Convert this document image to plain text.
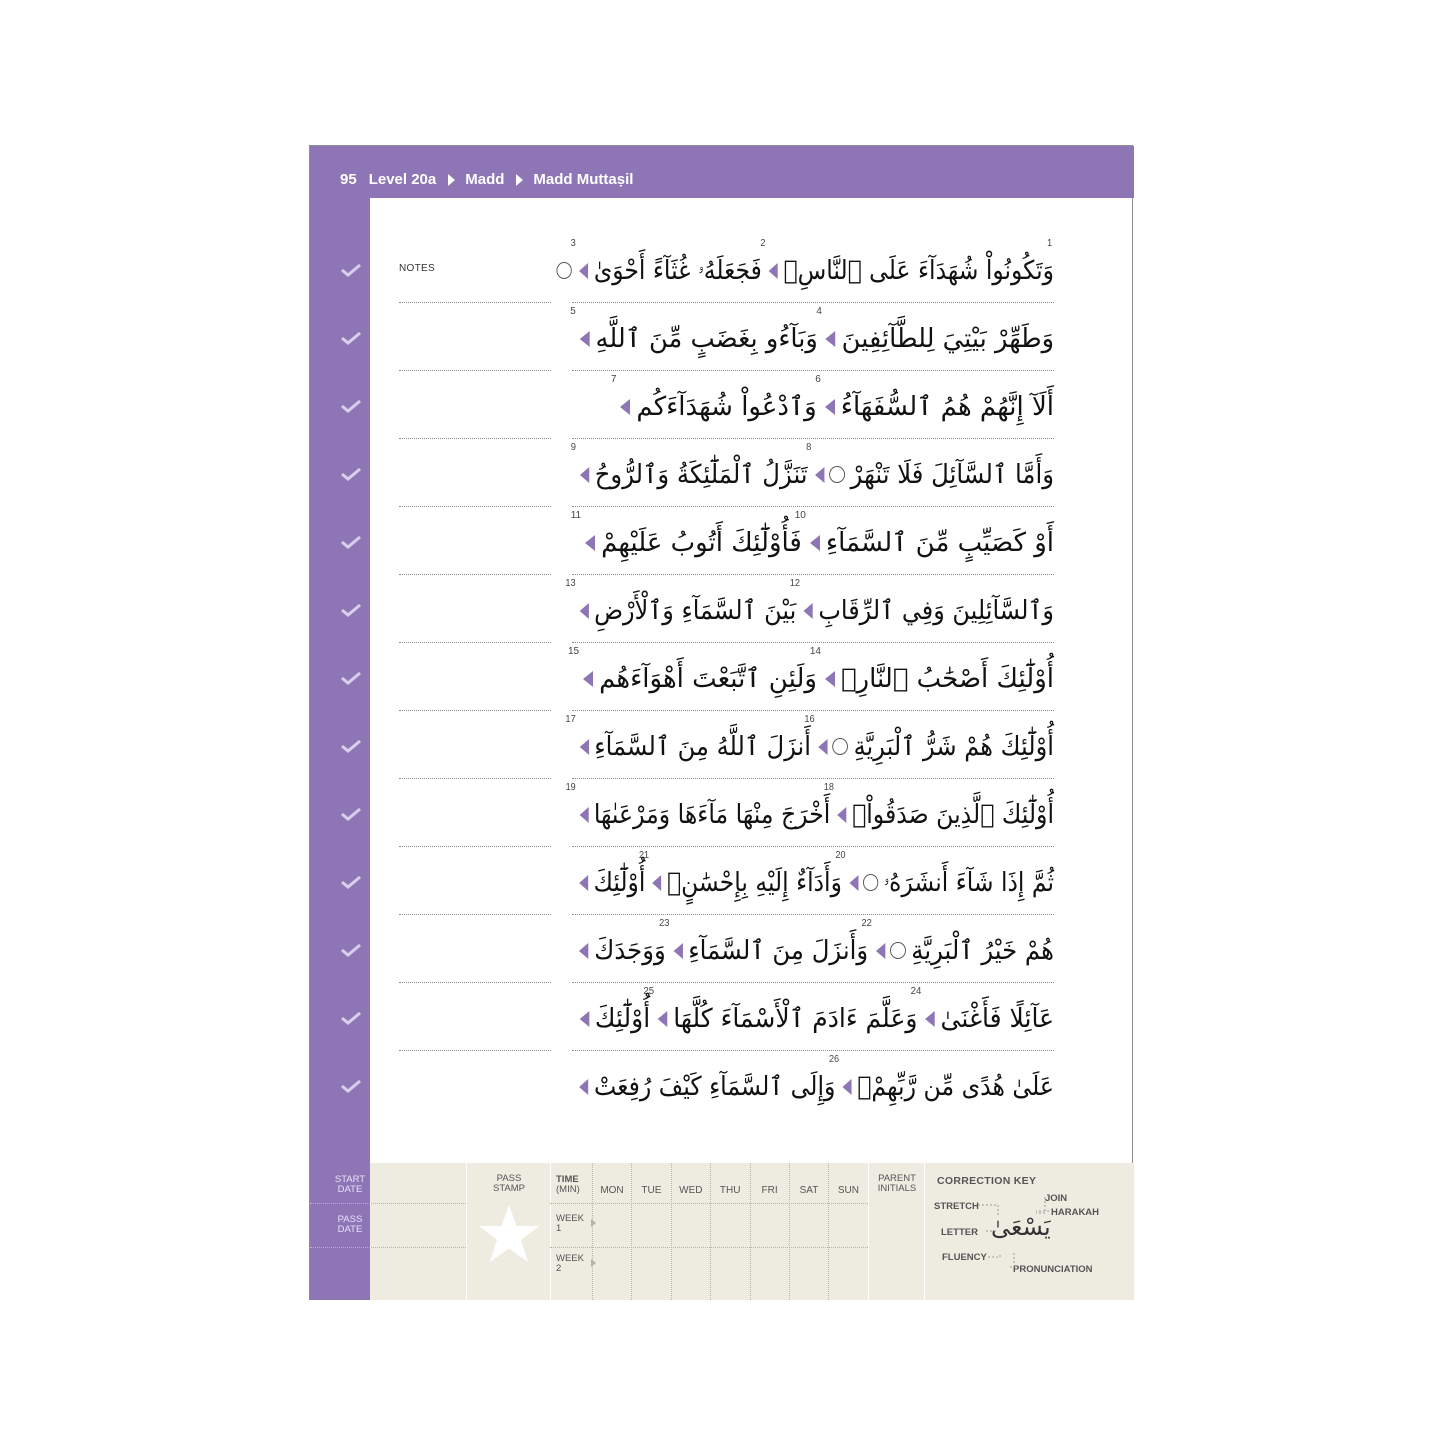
95 Level 20a Madd Madd Muttaṣil
NOTES
1
وَتَكُونُواْ شُهَدَآءَ عَلَى ٱلنَّاسِۗ
2
فَجَعَلَهُۥ غُثَآءً أَحْوَىٰ
3
وَطَهِّرْ بَيْتِيَ لِلطَّآئِفِينَ
4
وَبَآءُو بِغَضَبٍ مِّنَ ٱللَّهِ
5
أَلَآ إِنَّهُمْ هُمُ ٱلسُّفَهَآءُ
6
وَٱدْعُواْ شُهَدَآءَكُم
7
وَأَمَّا ٱلسَّآئِلَ فَلَا تَنْهَرْ
8
تَنَزَّلُ ٱلْمَلَٰٓئِكَةُ وَٱلرُّوحُ
9
أَوْ كَصَيِّبٍ مِّنَ ٱلسَّمَآءِ
10
فَأُوْلَٰٓئِكَ أَتُوبُ عَلَيْهِمْ
11
وَٱلسَّآئِلِينَ وَفِي ٱلرِّقَابِ
12
بَيْنَ ٱلسَّمَآءِ وَٱلْأَرْضِ
13
أُوْلَٰٓئِكَ أَصْحَٰبُ ٱلنَّارِۖ
14
وَلَئِنِ ٱتَّبَعْتَ أَهْوَآءَهُم
15
أُوْلَٰٓئِكَ هُمْ شَرُّ ٱلْبَرِيَّةِ
16
أَنزَلَ ٱللَّهُ مِنَ ٱلسَّمَآءِ
17
أُوْلَٰٓئِكَ ٱلَّذِينَ صَدَقُواْۖ
18
أَخْرَجَ مِنْهَا مَآءَهَا وَمَرْعَىٰهَا
19
ثُمَّ إِذَا شَآءَ أَنشَرَهُۥ
20
وَأَدَآءٌ إِلَيْهِ بِإِحْسَٰنٍۗ
21
أُوْلَٰٓئِكَ
هُمْ خَيْرُ ٱلْبَرِيَّةِ
22
وَأَنزَلَ مِنَ ٱلسَّمَآءِ
23
وَوَجَدَكَ
عَآئِلًا فَأَغْنَىٰ
24
وَعَلَّمَ ءَادَمَ ٱلْأَسْمَآءَ كُلَّهَا
25
أُوْلَٰٓئِكَ
عَلَىٰ هُدًى مِّن رَّبِّهِمْۖ
26
وَإِلَى ٱلسَّمَآءِ كَيْفَ رُفِعَتْ
START DATE
PASS DATE
PASS STAMP
TIME
(MIN)	MON	TUE	WED	THU	FRI	SAT	SUN
WEEK 1
WEEK 2
PARENT INITIALS
CORRECTION KEY
STRETCH
JOIN
HARAKAH
LETTER
FLUENCY
PRONUNCIATION
يَسْعَىٰ
